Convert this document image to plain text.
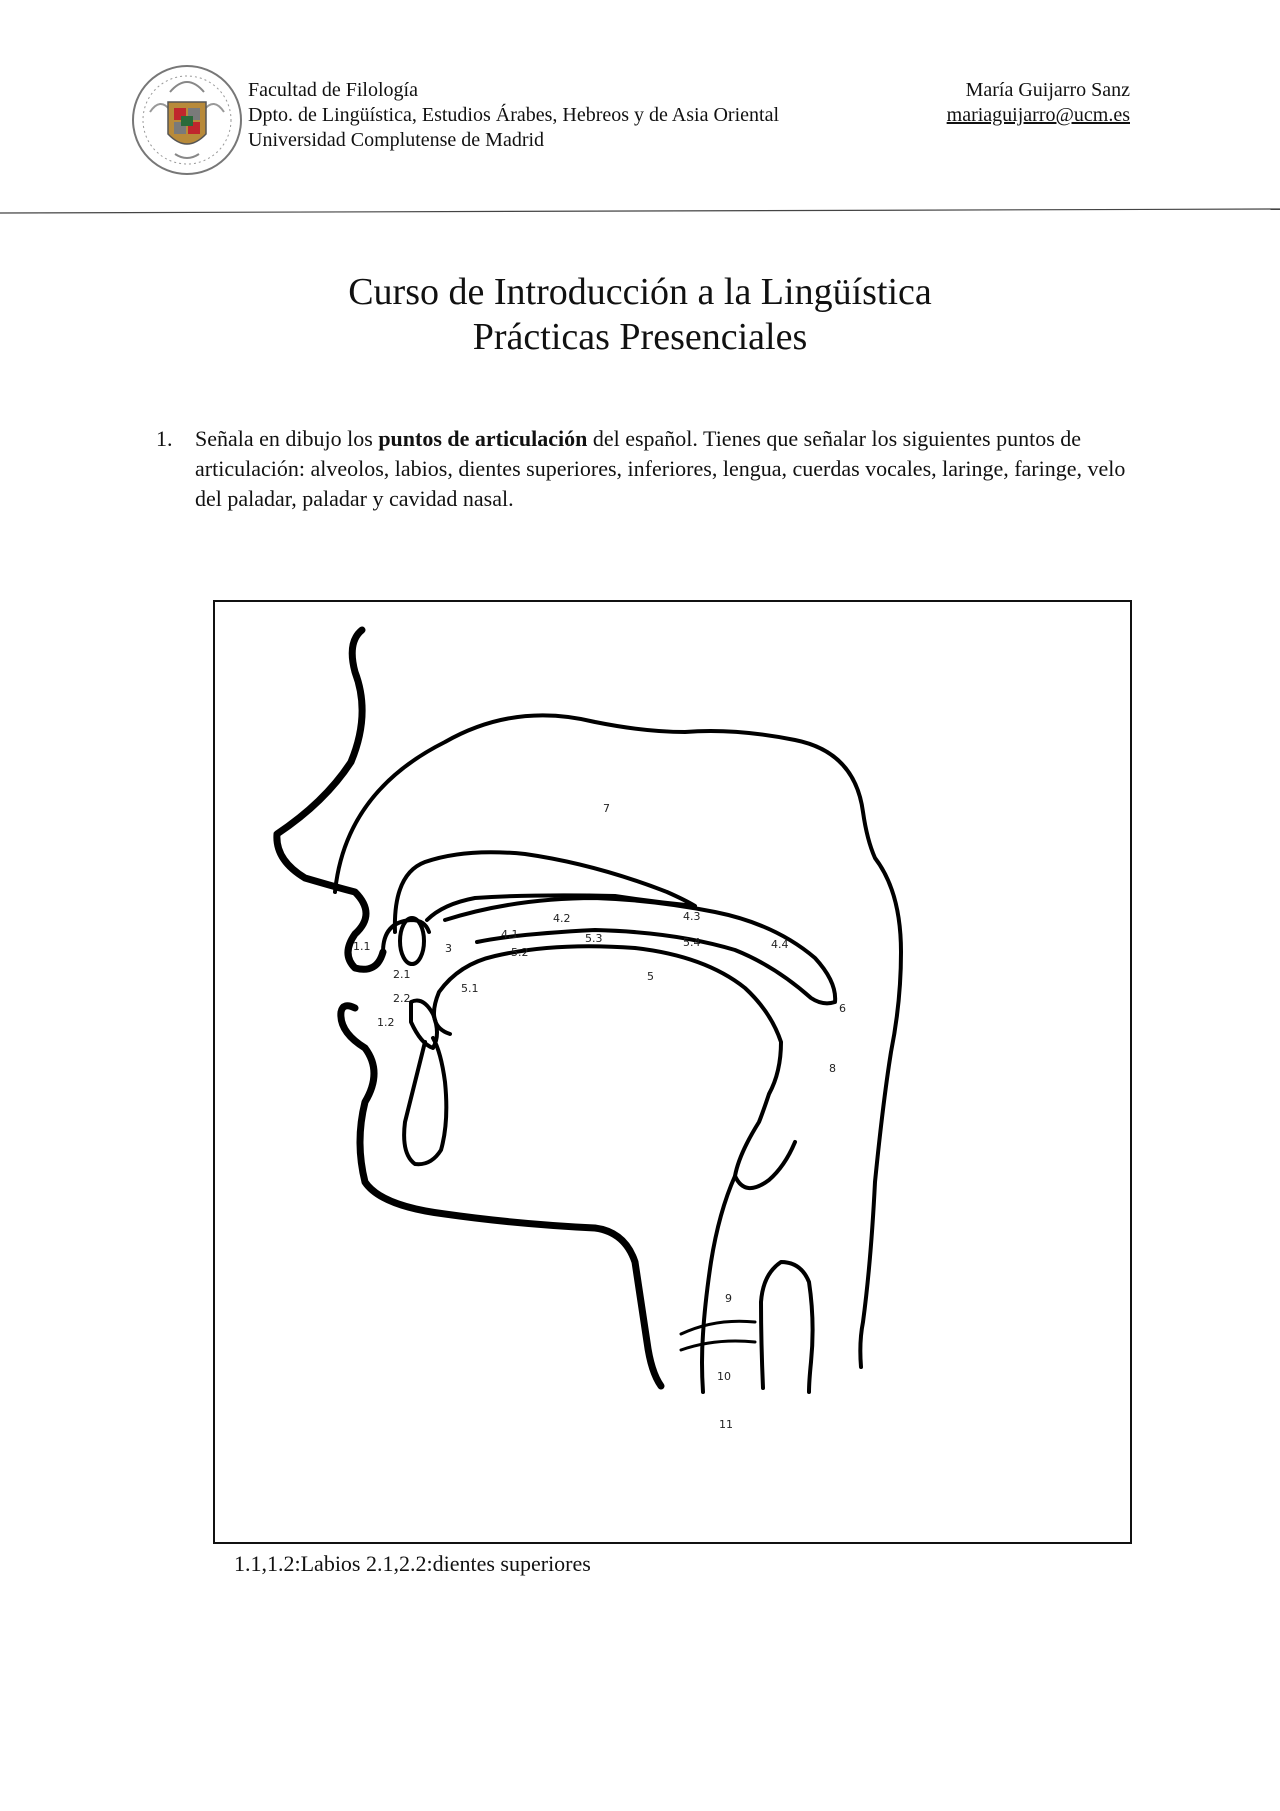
Facultad de Filología
Dpto. de Lingüística, Estudios Árabes, Hebreos y de Asia Oriental
Universidad Complutense de Madrid
María Guijarro Sanz
mariaguijarro@ucm.es
Curso de Introducción a la Lingüística
Prácticas Presenciales
1. Señala en dibujo los puntos de articulación del español. Tienes que señalar los siguientes puntos de articulación: alveolos, labios, dientes superiores, inferiores, lengua, cuerdas vocales, laringe, faringe, velo del paladar, paladar y cavidad nasal.
7
1.1
1.2
2.1
2.2
3
4.1
4.2	4.3
4.4
5
5.1
5.2
5.3	5.4
6
8
9
10
11
1.1,1.2:Labios 2.1,2.2:dientes superiores
